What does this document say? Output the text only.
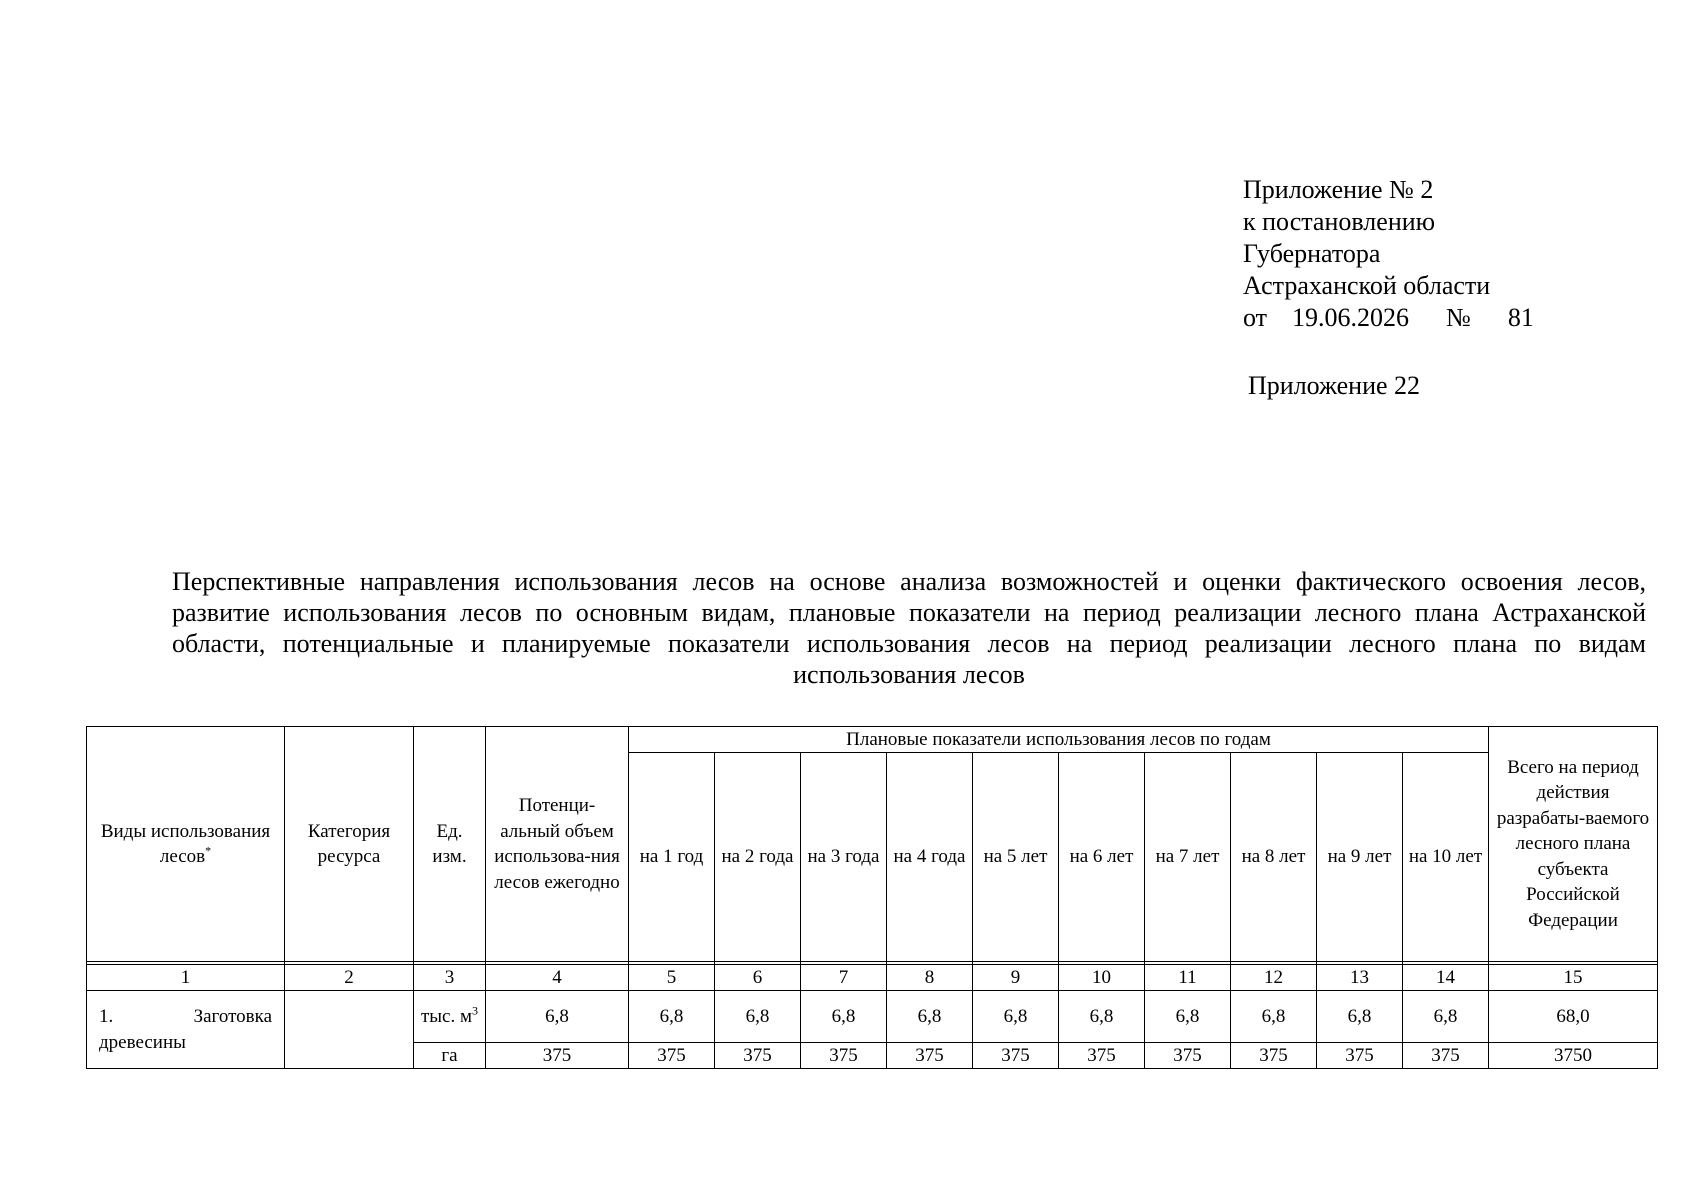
Приложение № 2
к постановлению
Губернатора
Астраханской области
от 19.06.2026 № 81
Приложение 22
Перспективные направления использования лесов на основе анализа возможностей и оценки фактического освоения лесов, развитие использования лесов по основным видам, плановые показатели на период реализации лесного плана Астраханской области, потенциальные и планируемые показатели использования лесов на период реализации лесного плана по видам использования лесов
Виды использования лесов*	Категория ресурса	Ед. изм.	Потенци-альный объем использова-ния лесов ежегодно	Плановые показатели использования лесов по годам										Всего на период действия разрабаты-ваемого лесного плана субъекта Российской Федерации
				на 1 год	на 2 года	на 3 года	на 4 года	на 5 лет	на 6 лет	на 7 лет	на 8 лет	на 9 лет	на 10 лет	

1	2	3	4	5	6	7	8	9	10	11	12	13	14	15
1. Заготовка древесины		тыс. $м^3$	6,8	6,8	6,8	6,8	6,8	6,8	6,8	6,8	6,8	6,8	6,8	68,0
		га	375	375	375	375	375	375	375	375	375	375	375	3750
